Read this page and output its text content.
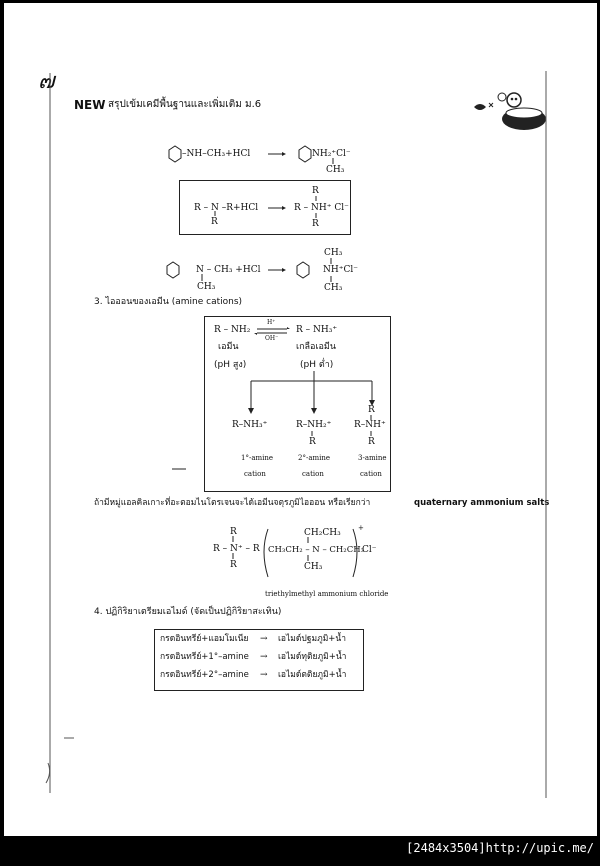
๗
NEW สรุปเข้มเคมีพื้นฐานและเพิ่มเติม ม.6
–NH–CH₃+HCl	NH₂⁺Cl⁻
CH₃
R – N –R+HCl
R
R
R – NH⁺ Cl⁻
R
N – CH₃ +HCl
CH₃
CH₃
NH⁺Cl⁻
CH₃
3. ไอออนของเอมีน (amine cations)
R – NH₂
เอมีน
(pH สูง)
H⁺
OH⁻
R – NH₃⁺
เกลือเอมีน
(pH ต่ำ)
R–NH₃⁺
1°-amine
cation
R–NH₂⁺
R
2°-amine
cation
R
R–NH⁺
R
3-amine
cation
ถ้ามีหมู่แอลคิลเกาะที่อะตอมไนโตรเจนจะได้เอมีนจตุรภูมิไอออน หรือเรียกว่า	quaternary ammonium salts
R
R – N⁺ – R
R
CH₂CH₃
CH₃CH₂ – N – CH₂CH₃
CH₃
+
Cl⁻
triethylmethyl ammonium chloride
4. ปฏิกิริยาเตรียมเอไมด์ (จัดเป็นปฏิกิริยาสะเทิน)
กรดอินทรีย์+แอมโมเนีย → เอไมด์ปฐมภูมิ+น้ำ
กรดอินทรีย์+1°–amine → เอไมด์ทุติยภูมิ+น้ำ
กรดอินทรีย์+2°–amine → เอไมด์ตติยภูมิ+น้ำ
[2484x3504]http://upic.me/
